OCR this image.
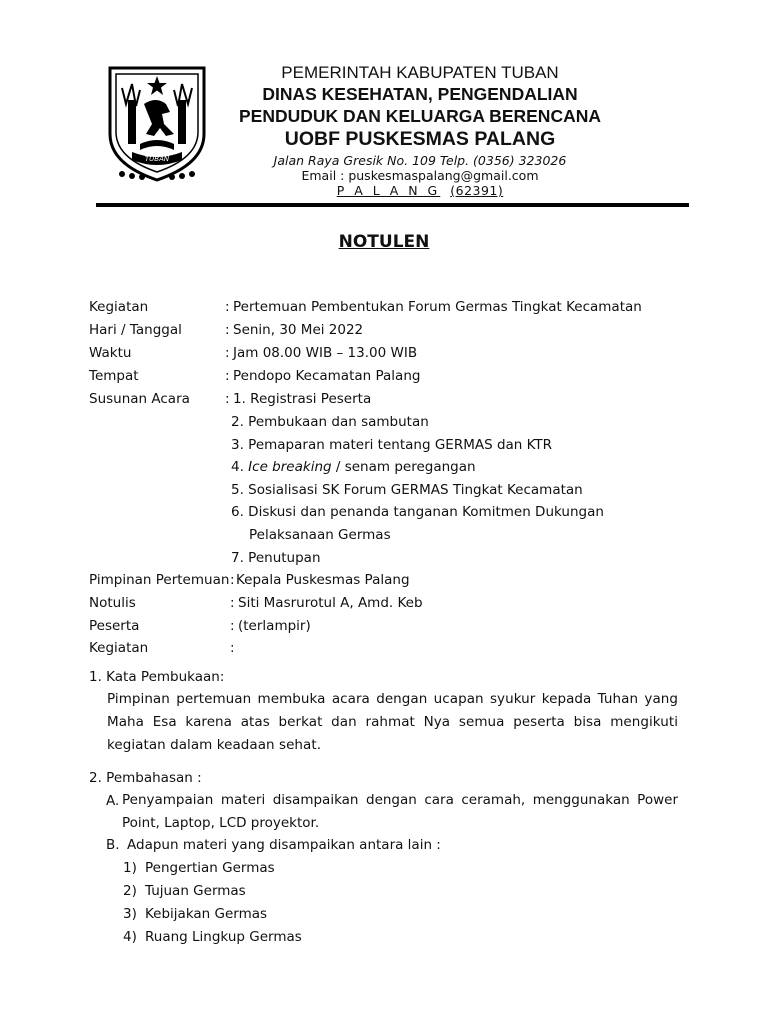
TUBAN
PEMERINTAH KABUPATEN TUBAN
DINAS KESEHATAN, PENGENDALIAN
PENDUDUK DAN KELUARGA BERENCANA
UOBF PUSKESMAS PALANG
Jalan Raya Gresik No. 109 Telp. (0356) 323026
Email : puskesmaspalang@gmail.com
P A L A N G (62391)
NOTULEN
Kegiatan	: Pertemuan Pembentukan Forum Germas Tingkat Kecamatan
Hari / Tanggal	: Senin, 30 Mei 2022
Waktu	: Jam 08.00 WIB – 13.00 WIB
Tempat	: Pendopo Kecamatan Palang
Susunan Acara	: 1. Registrasi Peserta
2. Pembukaan dan sambutan
3. Pemaparan materi tentang GERMAS dan KTR
4. Ice breaking / senam peregangan
5. Sosialisasi SK Forum GERMAS Tingkat Kecamatan
6. Diskusi dan penanda tanganan Komitmen Dukungan
Pelaksanaan Germas
7. Penutupan
Pimpinan Pertemuan : Kepala Puskesmas Palang
Notulis	: Siti Masrurotul A, Amd. Keb
Peserta	: (terlampir)
Kegiatan	:
1. Kata Pembukaan:
Pimpinan pertemuan membuka acara dengan ucapan syukur kepada Tuhan yang Maha Esa karena atas berkat dan rahmat Nya semua peserta bisa mengikuti kegiatan dalam keadaan sehat.
2. Pembahasan :
A. Penyampaian materi disampaikan dengan cara ceramah, menggunakan Power Point, Laptop, LCD proyektor.
B. Adapun materi yang disampaikan antara lain :
1) Pengertian Germas
2) Tujuan Germas
3) Kebijakan Germas
4) Ruang Lingkup Germas
